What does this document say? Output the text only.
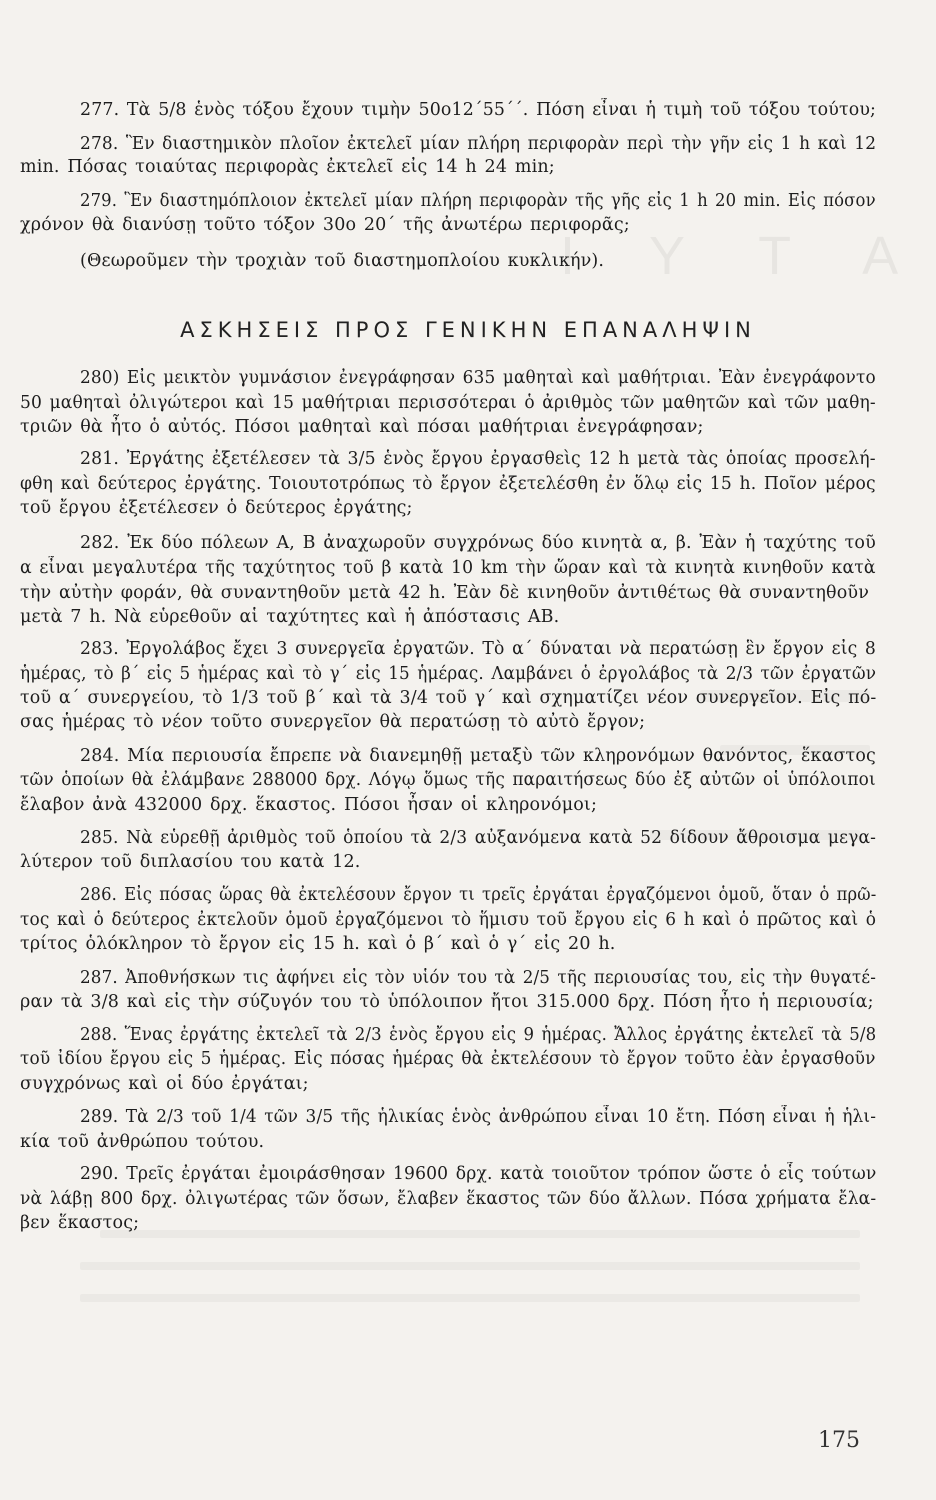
Ι Υ Τ Α
277. Τὰ 5/8 ἑνὸς τόξου ἔχουν τιμὴν 50ο12΄55΄΄. Πόση εἶναι ἡ τιμὴ τοῦ τόξου τούτου;
278. Ἓν διαστημικὸν πλοῖον ἐκτελεῖ μίαν πλήρη περιφορὰν περὶ τὴν γῆν εἰς 1 h καὶ 12
min. Πόσας τοιαύτας περιφορὰς ἐκτελεῖ εἰς 14 h 24 min;
279. Ἓν διαστημόπλοιον ἐκτελεῖ μίαν πλήρη περιφορὰν τῆς γῆς εἰς 1 h 20 min. Εἰς πόσον
χρόνον θὰ διανύσῃ τοῦτο τόξον 30ο 20΄ τῆς ἀνωτέρω περιφορᾶς;
(Θεωροῦμεν τὴν τροχιὰν τοῦ διαστημοπλοίου κυκλικήν).
ΑΣΚΗΣΕΙΣ ΠΡΟΣ ΓΕΝΙΚΗΝ ΕΠΑΝΑΛΗΨΙΝ
280) Εἰς μεικτὸν γυμνάσιον ἐνεγράφησαν 635 μαθηταὶ καὶ μαθήτριαι. Ἐὰν ἐνεγράφοντο
50 μαθηταὶ ὀλιγώτεροι καὶ 15 μαθήτριαι περισσότεραι ὁ ἀριθμὸς τῶν μαθητῶν καὶ τῶν μαθη-
τριῶν θὰ ἦτο ὁ αὐτός. Πόσοι μαθηταὶ καὶ πόσαι μαθήτριαι ἐνεγράφησαν;
281. Ἐργάτης ἐξετέλεσεν τὰ 3/5 ἑνὸς ἔργου ἐργασθεὶς 12 h μετὰ τὰς ὁποίας προσελή-
φθη καὶ δεύτερος ἐργάτης. Τοιουτοτρόπως τὸ ἔργον ἐξετελέσθη ἐν ὅλῳ εἰς 15 h. Ποῖον μέρος
τοῦ ἔργου ἐξετέλεσεν ὁ δεύτερος ἐργάτης;
282. Ἐκ δύο πόλεων Α, Β ἀναχωροῦν συγχρόνως δύο κινητὰ α, β. Ἐὰν ἡ ταχύτης τοῦ
α εἶναι μεγαλυτέρα τῆς ταχύτητος τοῦ β κατὰ 10 km τὴν ὥραν καὶ τὰ κινητὰ κινηθοῦν κατὰ
τὴν αὐτὴν φοράν, θὰ συναντηθοῦν μετὰ 42 h. Ἐὰν δὲ κινηθοῦν ἀντιθέτως θὰ συναντηθοῦν
μετὰ 7 h. Νὰ εὑρεθοῦν αἱ ταχύτητες καὶ ἡ ἀπόστασις ΑΒ.
283. Ἐργολάβος ἔχει 3 συνεργεῖα ἐργατῶν. Τὸ α΄ δύναται νὰ περατώσῃ ἓν ἔργον εἰς 8
ἡμέρας, τὸ β΄ εἰς 5 ἡμέρας καὶ τὸ γ΄ εἰς 15 ἡμέρας. Λαμβάνει ὁ ἐργολάβος τὰ 2/3 τῶν ἐργατῶν
τοῦ α΄ συνεργείου, τὸ 1/3 τοῦ β΄ καὶ τὰ 3/4 τοῦ γ΄ καὶ σχηματίζει νέον συνεργεῖον. Εἰς πό-
σας ἡμέρας τὸ νέον τοῦτο συνεργεῖον θὰ περατώσῃ τὸ αὐτὸ ἔργον;
284. Μία περιουσία ἔπρεπε νὰ διανεμηθῇ μεταξὺ τῶν κληρονόμων θανόντος, ἕκαστος
τῶν ὁποίων θὰ ἐλάμβανε 288000 δρχ. Λόγῳ ὅμως τῆς παραιτήσεως δύο ἐξ αὐτῶν οἱ ὑπόλοιποι
ἔλαβον ἀνὰ 432000 δρχ. ἕκαστος. Πόσοι ἦσαν οἱ κληρονόμοι;
285. Νὰ εὑρεθῇ ἀριθμὸς τοῦ ὁποίου τὰ 2/3 αὐξανόμενα κατὰ 52 δίδουν ἄθροισμα μεγα-
λύτερον τοῦ διπλασίου του κατὰ 12.
286. Εἰς πόσας ὥρας θὰ ἐκτελέσουν ἔργον τι τρεῖς ἐργάται ἐργαζόμενοι ὁμοῦ, ὅταν ὁ πρῶ-
τος καὶ ὁ δεύτερος ἐκτελοῦν ὁμοῦ ἐργαζόμενοι τὸ ἥμισυ τοῦ ἔργου εἰς 6 h καὶ ὁ πρῶτος καὶ ὁ
τρίτος ὁλόκληρον τὸ ἔργον εἰς 15 h. καὶ ὁ β΄ καὶ ὁ γ΄ εἰς 20 h.
287. Ἀποθνήσκων τις ἀφήνει εἰς τὸν υἱόν του τὰ 2/5 τῆς περιουσίας του, εἰς τὴν θυγατέ-
ραν τὰ 3/8 καὶ εἰς τὴν σύζυγόν του τὸ ὑπόλοιπον ἤτοι 315.000 δρχ. Πόση ἦτο ἡ περιουσία;
288. Ἕνας ἐργάτης ἐκτελεῖ τὰ 2/3 ἑνὸς ἔργου εἰς 9 ἡμέρας. Ἄλλος ἐργάτης ἐκτελεῖ τὰ 5/8
τοῦ ἰδίου ἔργου εἰς 5 ἡμέρας. Εἰς πόσας ἡμέρας θὰ ἐκτελέσουν τὸ ἔργον τοῦτο ἐὰν ἐργασθοῦν
συγχρόνως καὶ οἱ δύο ἐργάται;
289. Τὰ 2/3 τοῦ 1/4 τῶν 3/5 τῆς ἡλικίας ἑνὸς ἀνθρώπου εἶναι 10 ἔτη. Πόση εἶναι ἡ ἡλι-
κία τοῦ ἀνθρώπου τούτου.
290. Τρεῖς ἐργάται ἐμοιράσθησαν 19600 δρχ. κατὰ τοιοῦτον τρόπον ὥστε ὁ εἷς τούτων
νὰ λάβῃ 800 δρχ. ὀλιγωτέρας τῶν ὅσων, ἔλαβεν ἕκαστος τῶν δύο ἄλλων. Πόσα χρήματα ἔλα-
βεν ἕκαστος;
175
